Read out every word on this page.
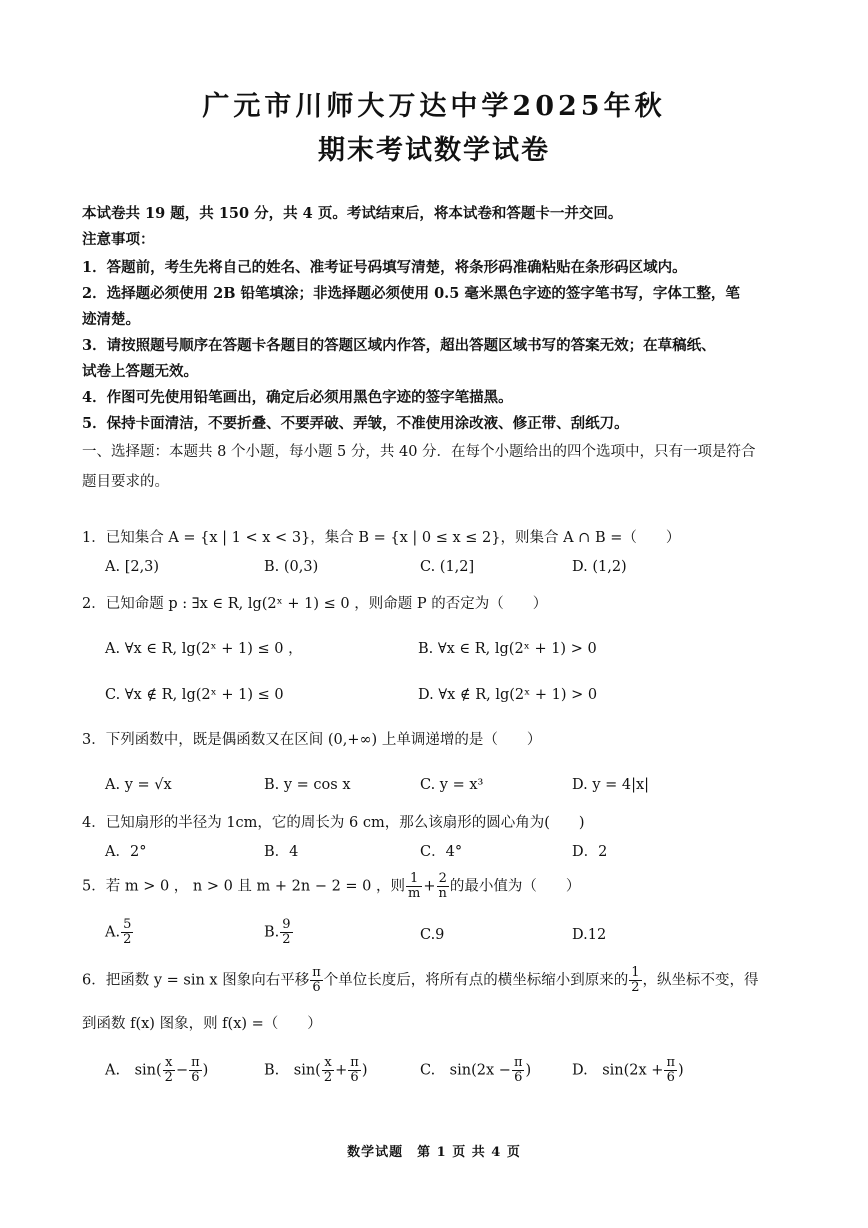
广元市川师大万达中学2025年秋
期末考试数学试卷
本试卷共 19 题，共 150 分，共 4 页。考试结束后，将本试卷和答题卡一并交回。
注意事项：
1．答题前，考生先将自己的姓名、准考证号码填写清楚，将条形码准确粘贴在条形码区域内。
2．选择题必须使用 2B 铅笔填涂；非选择题必须使用 0.5 毫米黑色字迹的签字笔书写，字体工整，笔
迹清楚。
3．请按照题号顺序在答题卡各题目的答题区域内作答，超出答题区域书写的答案无效；在草稿纸、
试卷上答题无效。
4．作图可先使用铅笔画出，确定后必须用黑色字迹的签字笔描黑。
5．保持卡面清洁，不要折叠、不要弄破、弄皱，不准使用涂改液、修正带、刮纸刀。
一、选择题：本题共 8 个小题，每小题 5 分，共 40 分．在每个小题给出的四个选项中，只有一项是符合
题目要求的。
1．已知集合 A = {x | 1 < x < 3}，集合 B = {x | 0 ≤ x ≤ 2}，则集合 A ∩ B =（　　）
A. [2,3)	B. (0,3)	C. (1,2]	D. (1,2)
2．已知命题 p : ∃x ∈ R, lg(2ˣ + 1) ≤ 0 ，则命题 P 的否定为（　　）
A. ∀x ∈ R, lg(2ˣ + 1) ≤ 0 ，	B. ∀x ∈ R, lg(2ˣ + 1) > 0
C. ∀x ∉ R, lg(2ˣ + 1) ≤ 0	D. ∀x ∉ R, lg(2ˣ + 1) > 0
3．下列函数中，既是偶函数又在区间 (0,+∞) 上单调递增的是（　　）
A. y = √x	B. y = cos x	C. y = x³	D. y = 4|x|
4．已知扇形的半径为 1cm，它的周长为 6 cm，那么该扇形的圆心角为(　　)
A．2°	B．4	C．4°	D．2
5．若 m > 0 ， n > 0 且 m + 2n − 2 = 0 ，则 $\frac{1}{m} + \frac{2}{n}$ 的最小值为（　　）
A. $\frac{5}{2}$	B. $\frac{9}{2}$	C.9	D.12
6．把函数 y = sin x 图象向右平移 $\frac{\pi}{6}$ 个单位长度后，将所有点的横坐标缩小到原来的 $\frac{1}{2}$ ，纵坐标不变，得
到函数 f(x) 图象，则 f(x) =（　　）
A.　$\sin( \frac{x}{2} - \frac{\pi}{6}$ )	B.　$\sin( \frac{x}{2} + \frac{\pi}{6}$ )	C.　$\sin(2x - \frac{\pi}{6}$ )	D.　$\sin(2x + \frac{\pi}{6}$ )
数学试题　第 1 页 共 4 页
